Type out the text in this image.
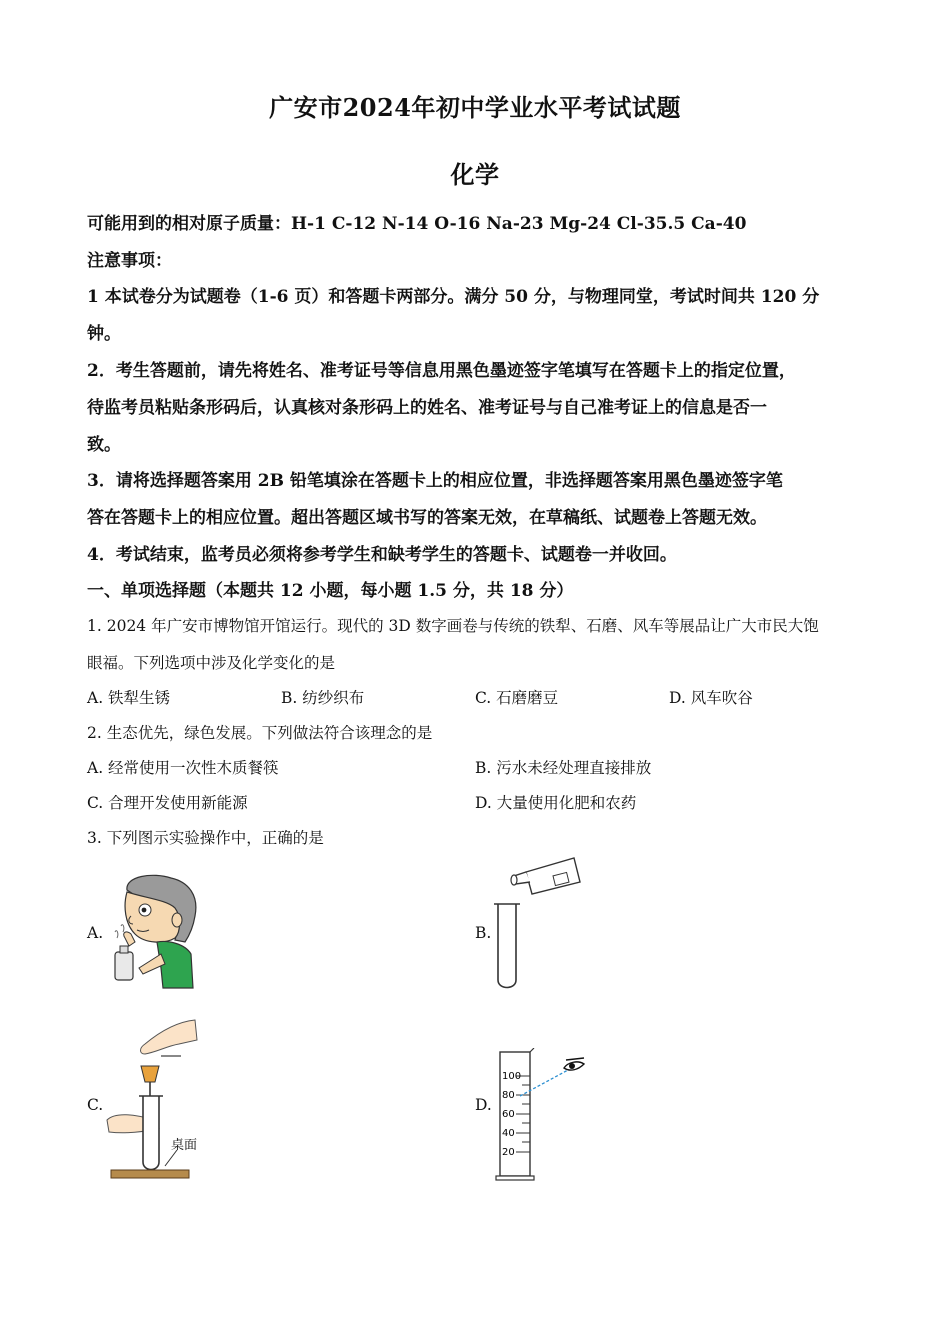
广安市2024年初中学业水平考试试题
化学
可能用到的相对原子质量：H-1 C-12 N-14 O-16 Na-23 Mg-24 Cl-35.5 Ca-40
注意事项：
1 本试卷分为试题卷（1-6 页）和答题卡两部分。满分 50 分，与物理同堂，考试时间共 120 分
钟。
2．考生答题前，请先将姓名、准考证号等信息用黑色墨迹签字笔填写在答题卡上的指定位置，
待监考员粘贴条形码后，认真核对条形码上的姓名、准考证号与自己准考证上的信息是否一
致。
3．请将选择题答案用 2B 铅笔填涂在答题卡上的相应位置，非选择题答案用黑色墨迹签字笔
答在答题卡上的相应位置。超出答题区域书写的答案无效，在草稿纸、试题卷上答题无效。
4．考试结束，监考员必须将参考学生和缺考学生的答题卡、试题卷一并收回。
一、单项选择题（本题共 12 小题，每小题 1.5 分，共 18 分）
1. 2024 年广安市博物馆开馆运行。现代的 3D 数字画卷与传统的铁犁、石磨、风车等展品让广大市民大饱
眼福。下列选项中涉及化学变化的是
A. 铁犁生锈	B. 纺纱织布	C. 石磨磨豆	D. 风车吹谷
2. 生态优先，绿色发展。下列做法符合该理念的是
A. 经常使用一次性木质餐筷	B. 污水未经处理直接排放
C. 合理开发使用新能源	D. 大量使用化肥和农药
3. 下列图示实验操作中，正确的是
A.	B.
C.	D.
桌面
100
80
60
40
20
